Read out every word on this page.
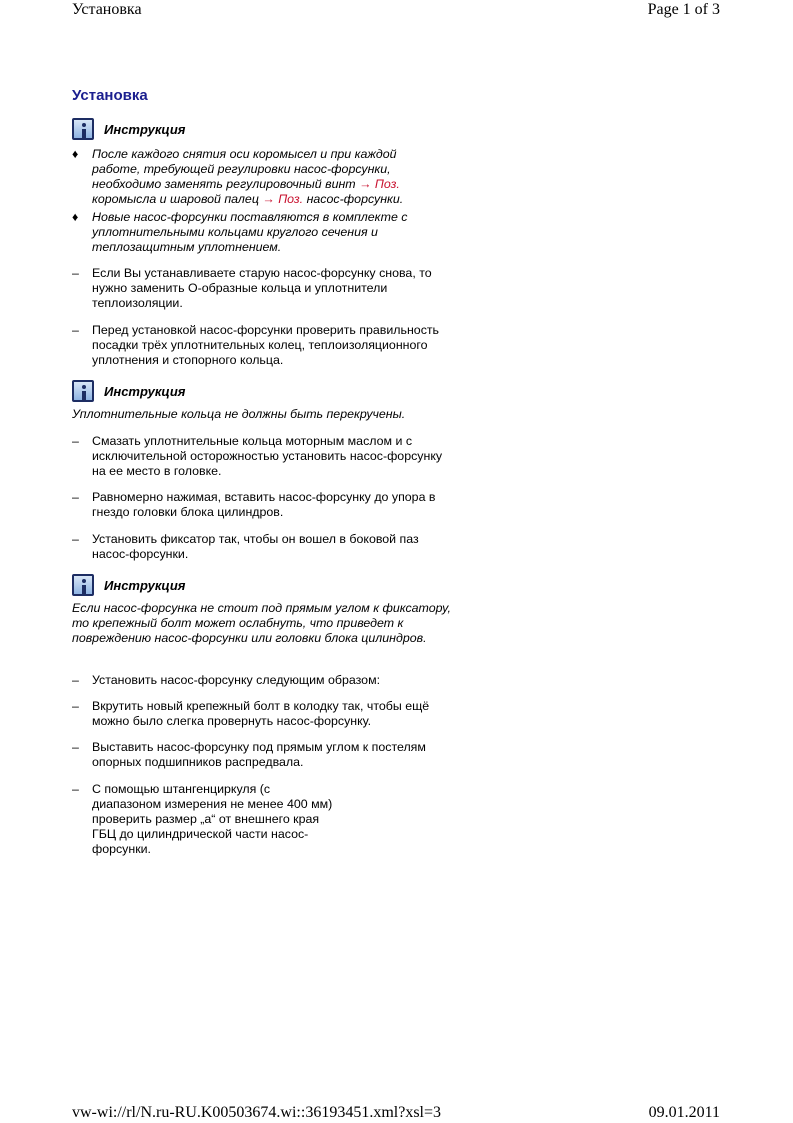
Установка	Page 1 of 3
Установка
Инструкция
♦	После каждого снятия оси коромысел и при каждой работе, требующей регулировки насос-форсунки, необходимо заменять регулировочный винт → Поз. коромысла и шаровой палец → Поз. насос-форсунки.
♦	Новые насос-форсунки поставляются в комплекте с уплотнительными кольцами круглого сечения и теплозащитным уплотнением.
–	Если Вы устанавливаете старую насос-форсунку снова, то нужно заменить О-образные кольца и уплотнители теплоизоляции.
–	Перед установкой насос-форсунки проверить правильность посадки трёх уплотнительных колец, теплоизоляционного уплотнения и стопорного кольца.
Инструкция
Уплотнительные кольца не должны быть перекручены.
–	Смазать уплотнительные кольца моторным маслом и с исключительной осторожностью установить насос-форсунку на ее место в головке.
–	Равномерно нажимая, вставить насос-форсунку до упора в гнездо головки блока цилиндров.
–	Установить фиксатор так, чтобы он вошел в боковой паз насос-форсунки.
Инструкция
Если насос-форсунка не стоит под прямым углом к фиксатору, то крепежный болт может ослабнуть, что приведет к повреждению насос-форсунки или головки блока цилиндров.
–	Установить насос-форсунку следующим образом:
–	Вкрутить новый крепежный болт в колодку так, чтобы ещё можно было слегка провернуть насос-форсунку.
–	Выставить насос-форсунку под прямым углом к постелям опорных подшипников распредвала.
–	С помощью штангенциркуля (с диапазоном измерения не менее 400 мм) проверить размер „a“ от внешнего края ГБЦ до цилиндрической части насос-форсунки.
vw-wi://rl/N.ru-RU.K00503674.wi::36193451.xml?xsl=3	09.01.2011
